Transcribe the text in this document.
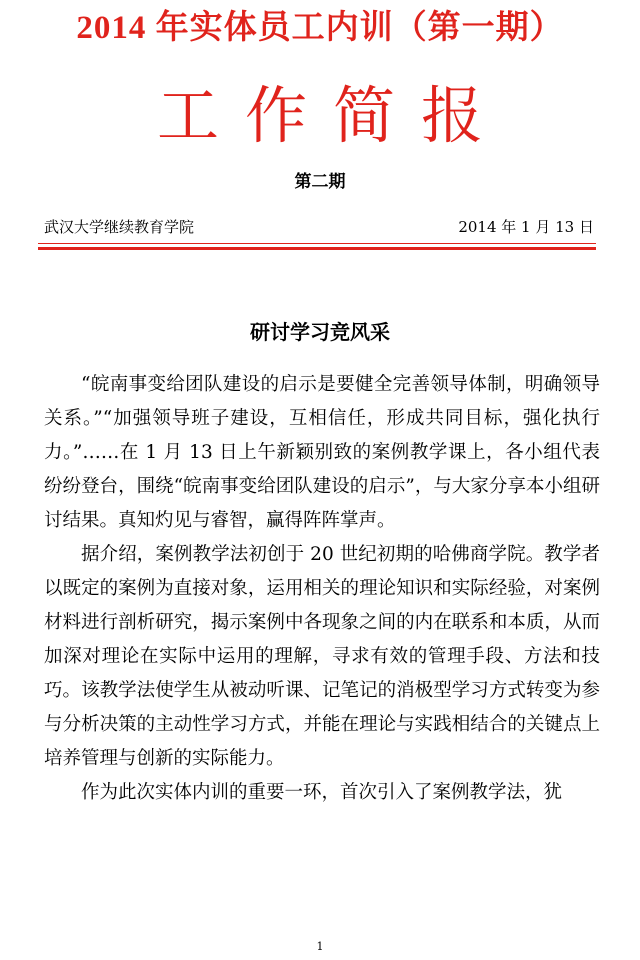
2014 年实体员工内训（第一期）
工作简报
第二期
武汉大学继续教育学院	2014 年 1 月 13 日
研讨学习竞风采

“皖南事变给团队建设的启示是要健全完善领导体制，明确领导关系。”“加强领导班子建设，互相信任，形成共同目标，强化执行力。”……在 1 月 13 日上午新颖别致的案例教学课上，各小组代表纷纷登台，围绕“皖南事变给团队建设的启示”，与大家分享本小组研讨结果。真知灼见与睿智，赢得阵阵掌声。

据介绍，案例教学法初创于 20 世纪初期的哈佛商学院。教学者以既定的案例为直接对象，运用相关的理论知识和实际经验，对案例材料进行剖析研究，揭示案例中各现象之间的内在联系和本质，从而加深对理论在实际中运用的理解，寻求有效的管理手段、方法和技巧。该教学法使学生从被动听课、记笔记的消极型学习方式转变为参与分析决策的主动性学习方式，并能在理论与实践相结合的关键点上培养管理与创新的实际能力。

作为此次实体内训的重要一环，首次引入了案例教学法，犹

1
